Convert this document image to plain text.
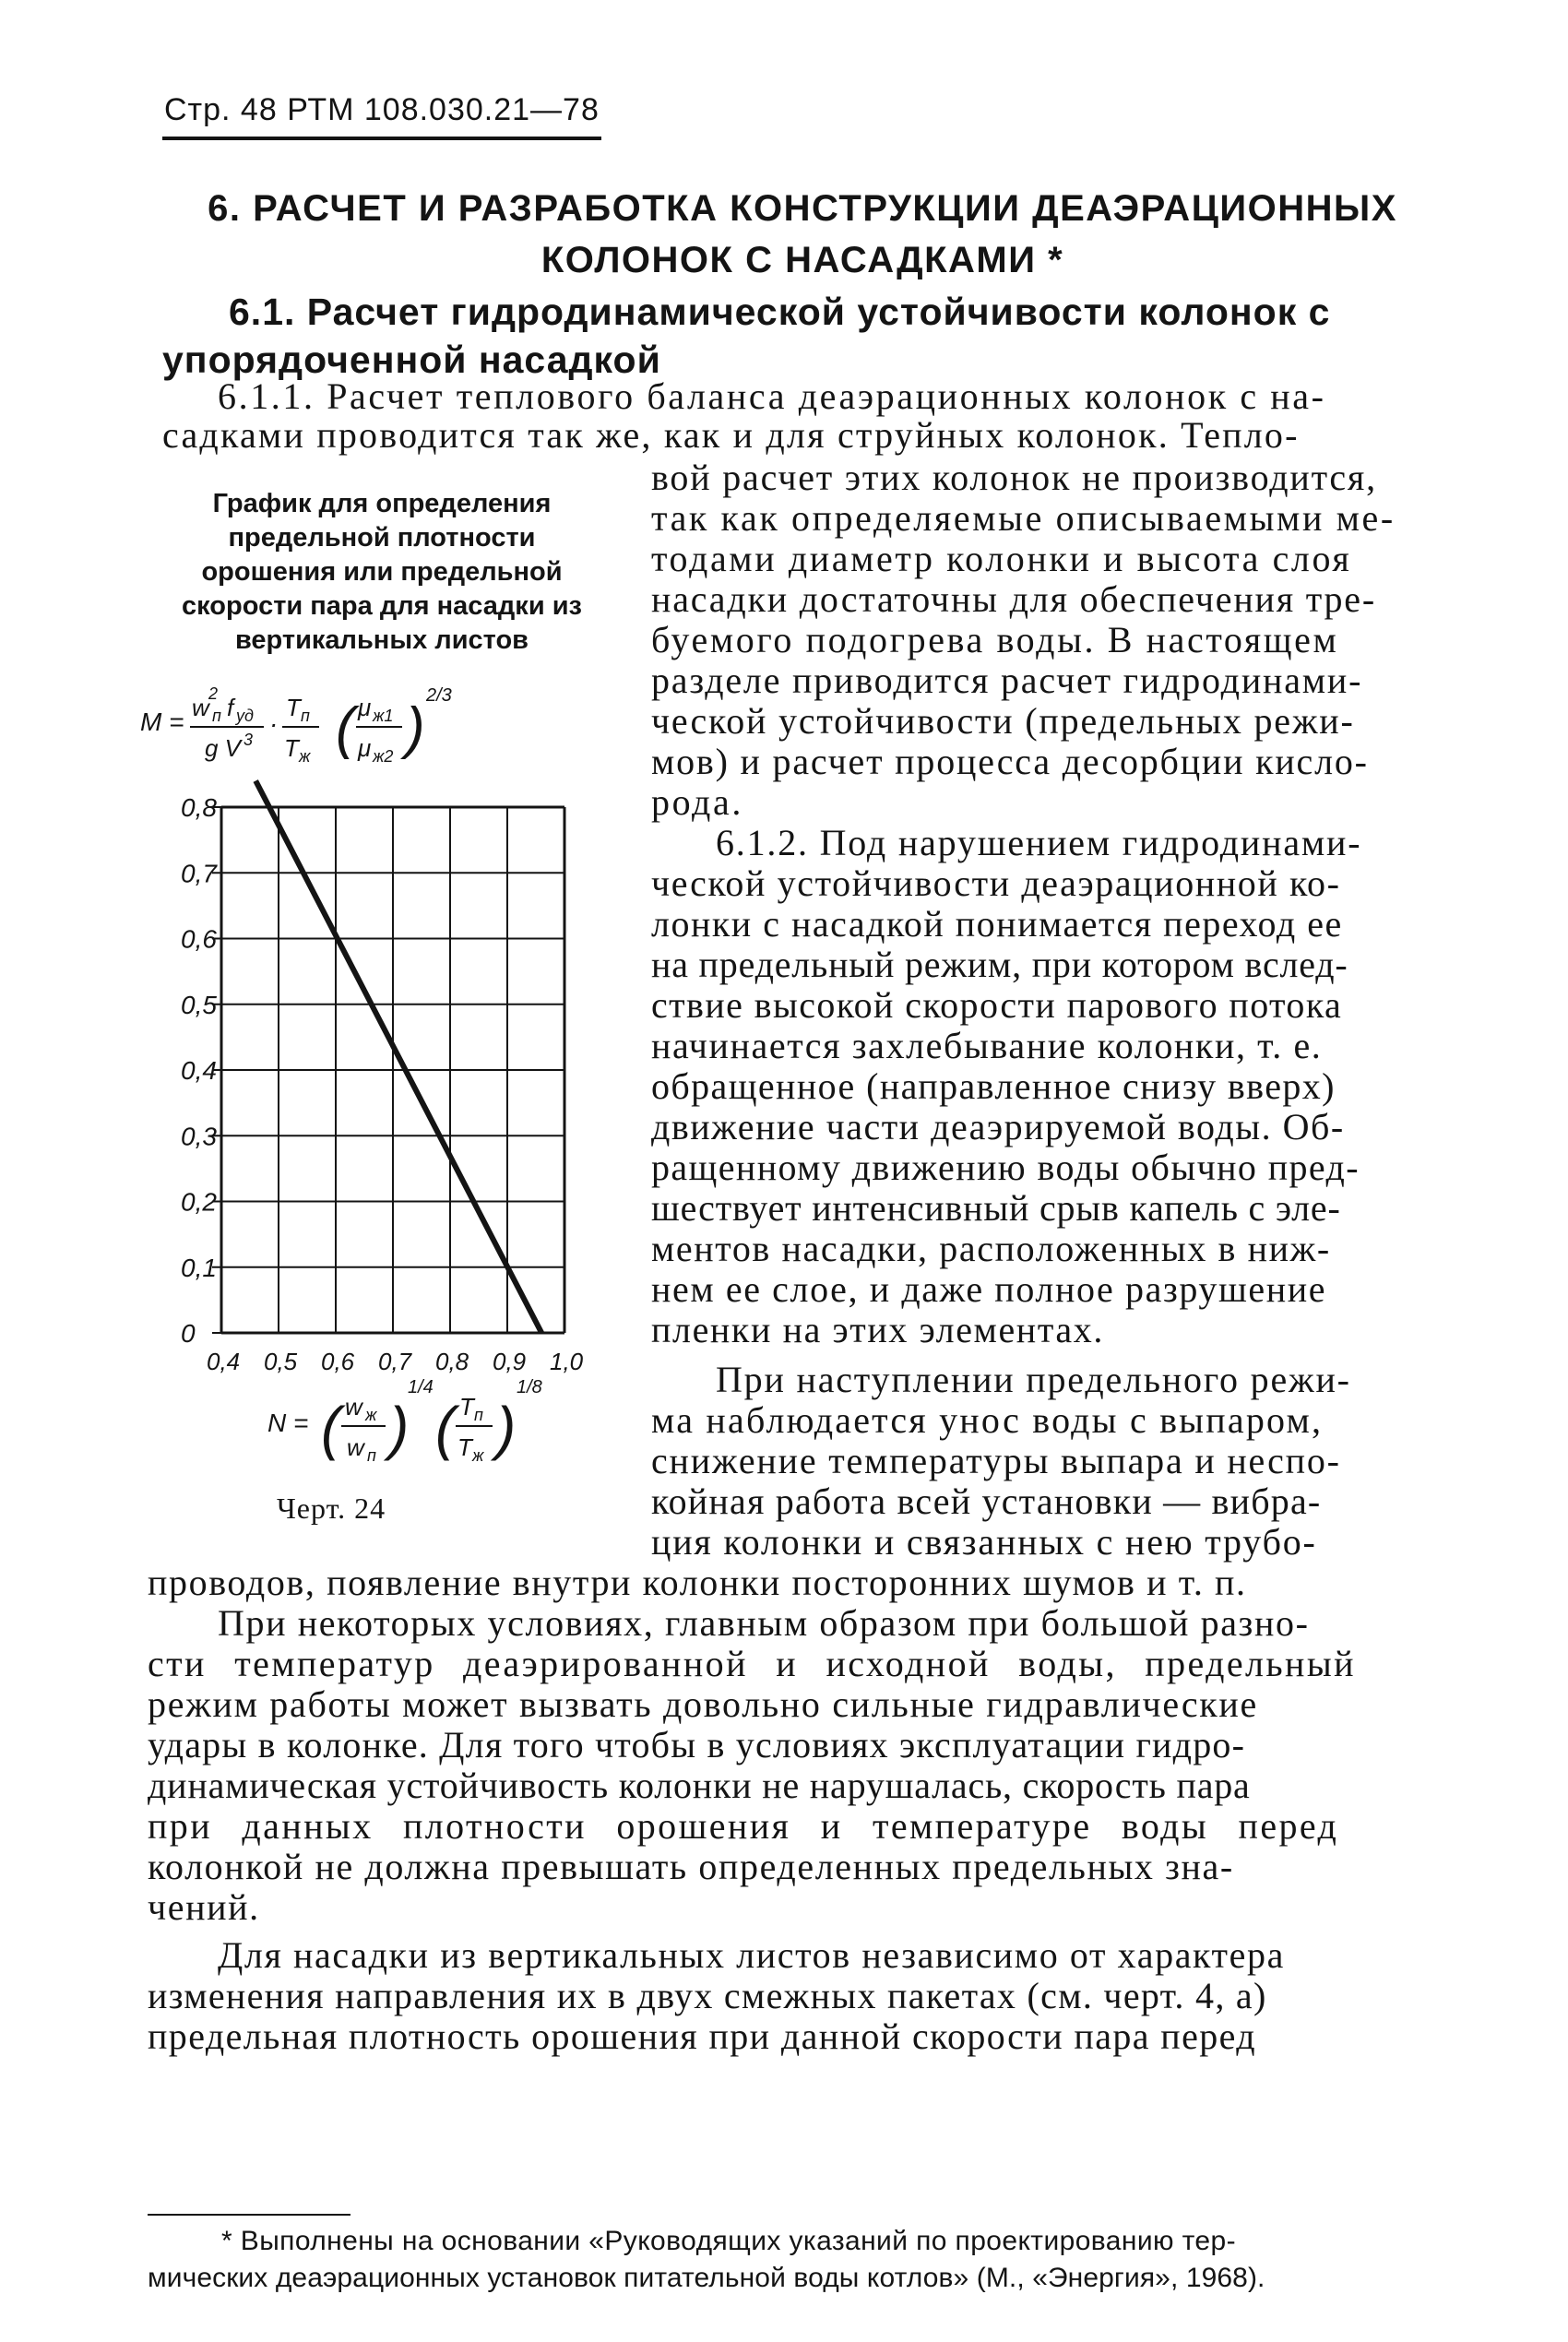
Стр. 48 РТМ 108.030.21—78
6. РАСЧЕТ И РАЗРАБОТКА КОНСТРУКЦИИ ДЕАЭРАЦИОННЫХ КОЛОНОК С НАСАДКАМИ *
6.1. Расчет гидродинамической устойчивости колонок с упорядоченной насадкой
6.1.1. Расчет теплового баланса деаэрационных колонок с на-
садками проводится так же, как и для струйных колонок. Тепло-
вой расчет этих колонок не производится,
так как определяемые описываемыми ме-
тодами диаметр колонки и высота слоя
насадки достаточны для обеспечения тре-
буемого подогрева воды. В настоящем
разделе приводится расчет гидродинами-
ческой устойчивости (предельных режи-
мов) и расчет процесса десорбции кисло-
рода.
6.1.2. Под нарушением гидродинами-
ческой устойчивости деаэрационной ко-
лонки с насадкой понимается переход ее
на предельный режим, при котором вслед-
ствие высокой скорости парового потока
начинается захлебывание колонки, т. е.
обращенное (направленное снизу вверх)
движение части деаэрируемой воды. Об-
ращенному движению воды обычно пред-
шествует интенсивный срыв капель с эле-
ментов насадки, расположенных в ниж-
нем ее слое, и даже полное разрушение
пленки на этих элементах.
При наступлении предельного режи-
ма наблюдается унос воды с выпаром,
снижение температуры выпара и неспо-
койная работа всей установки — вибра-
ция колонки и связанных с нею трубо-
проводов, появление внутри колонки посторонних шумов и т. п.
При некоторых условиях, главным образом при большой разно-
сти температур деаэрированной и исходной воды, предельный
режим работы может вызвать довольно сильные гидравлические
удары в колонке. Для того чтобы в условиях эксплуатации гидро-
динамическая устойчивость колонки не нарушалась, скорость пара
при данных плотности орошения и температуре воды перед
колонкой не должна превышать определенных предельных зна-
чений.
Для насадки из вертикальных листов независимо от характера
изменения направления их в двух смежных пакетах (см. черт. 4, а)
предельная плотность орошения при данной скорости пара перед
График для определения предельной плотности орошения или предельной скорости пара для насадки из вертикальных листов
M = w п
2 f уд
g V 3
·
T п
T ж ( μ ж1
μ ж2 )
2/3
0
0,1
0,2
0,3
0,4
0,5
0,6
0,7
0,8
0,4 0,5 0,6 0,7 0,8 0,9 1,0
N = ( w ж
w п )
1/4
( T п
T ж )
1/8
Черт. 24

* Выполнены на основании «Руководящих указаний по проектированию тер-

мических деаэрационных установок питательной воды котлов» (М., «Энергия», 1968).
